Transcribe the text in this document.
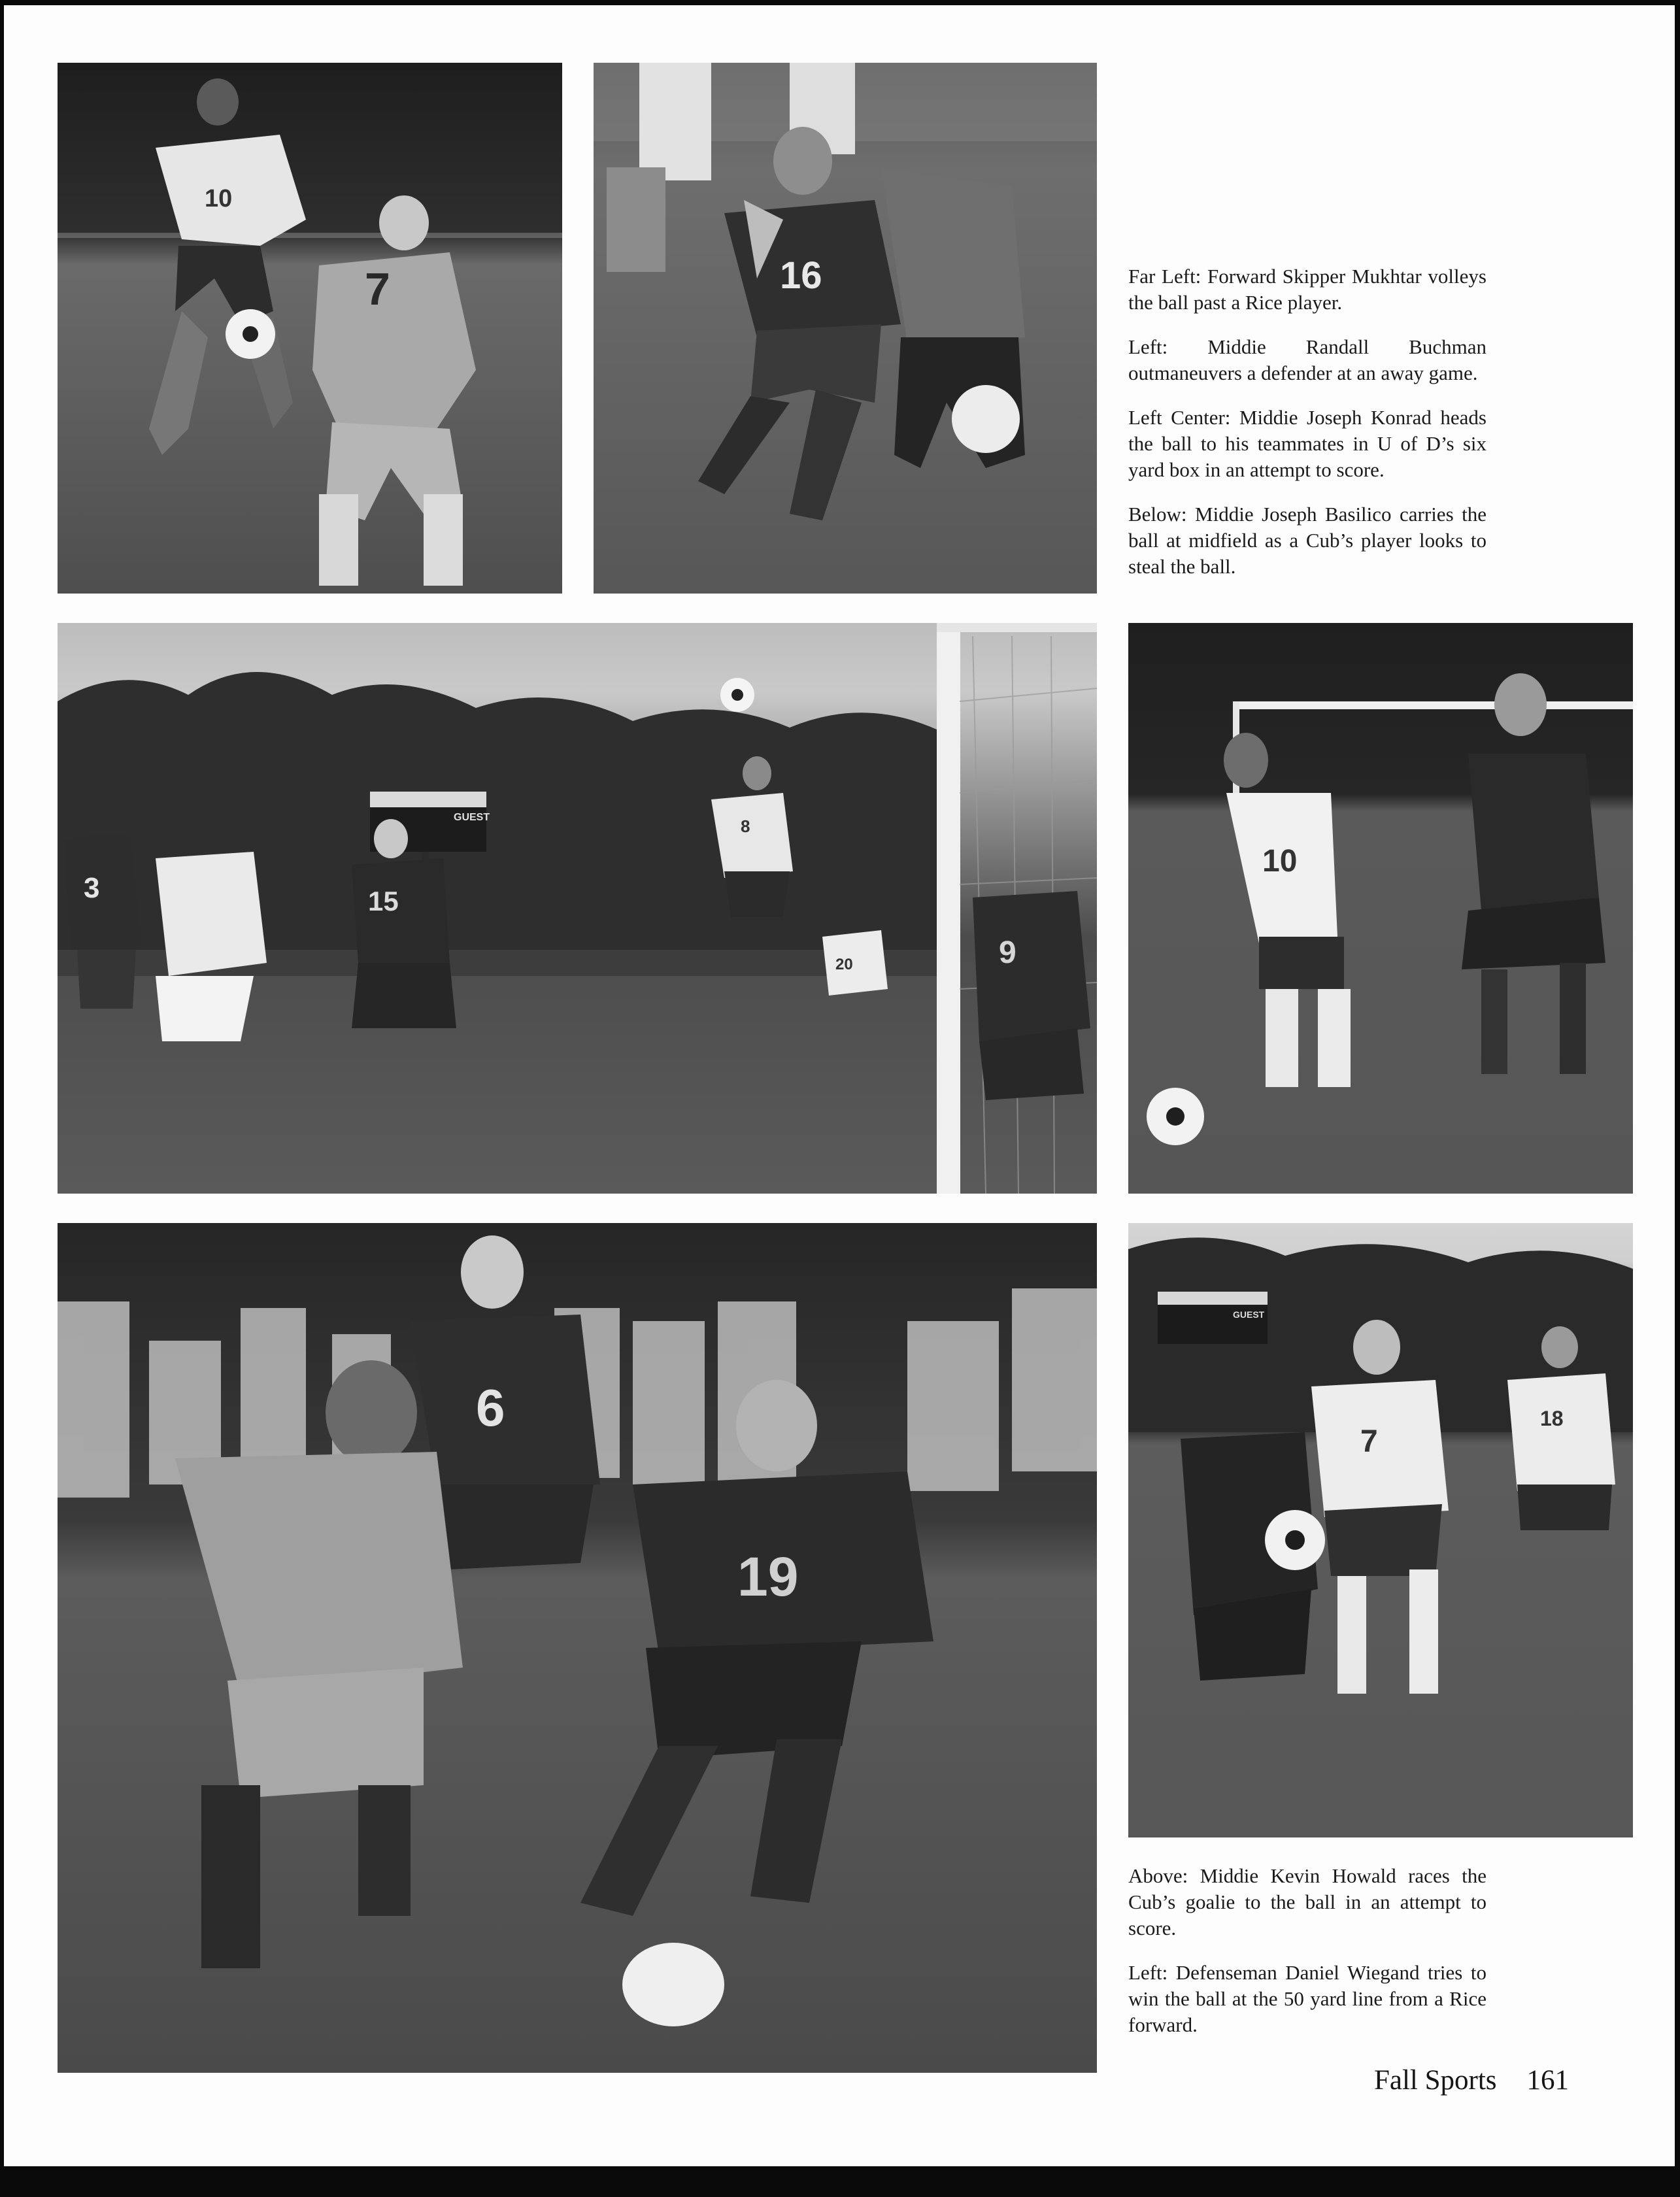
10
7	16
GUEST	8
3	15
20	9
10
6
19
GUEST
7
18

Far Left: Forward Skipper Mukhtar volleys the ball past a Rice player.

Left: Middie Randall Buchman outmaneuvers a defender at an away game.

Left Center: Middie Joseph Konrad heads the ball to his teammates in U of D’s six yard box in an attempt to score.

Below: Middie Joseph Basilico carries the ball at midfield as a Cub’s player looks to steal the ball.

Above: Middie Kevin Howald races the Cub’s goalie to the ball in an attempt to score.

Left: Defenseman Daniel Wiegand tries to win the ball at the 50 yard line from a Rice forward.

Fall Sports 161
